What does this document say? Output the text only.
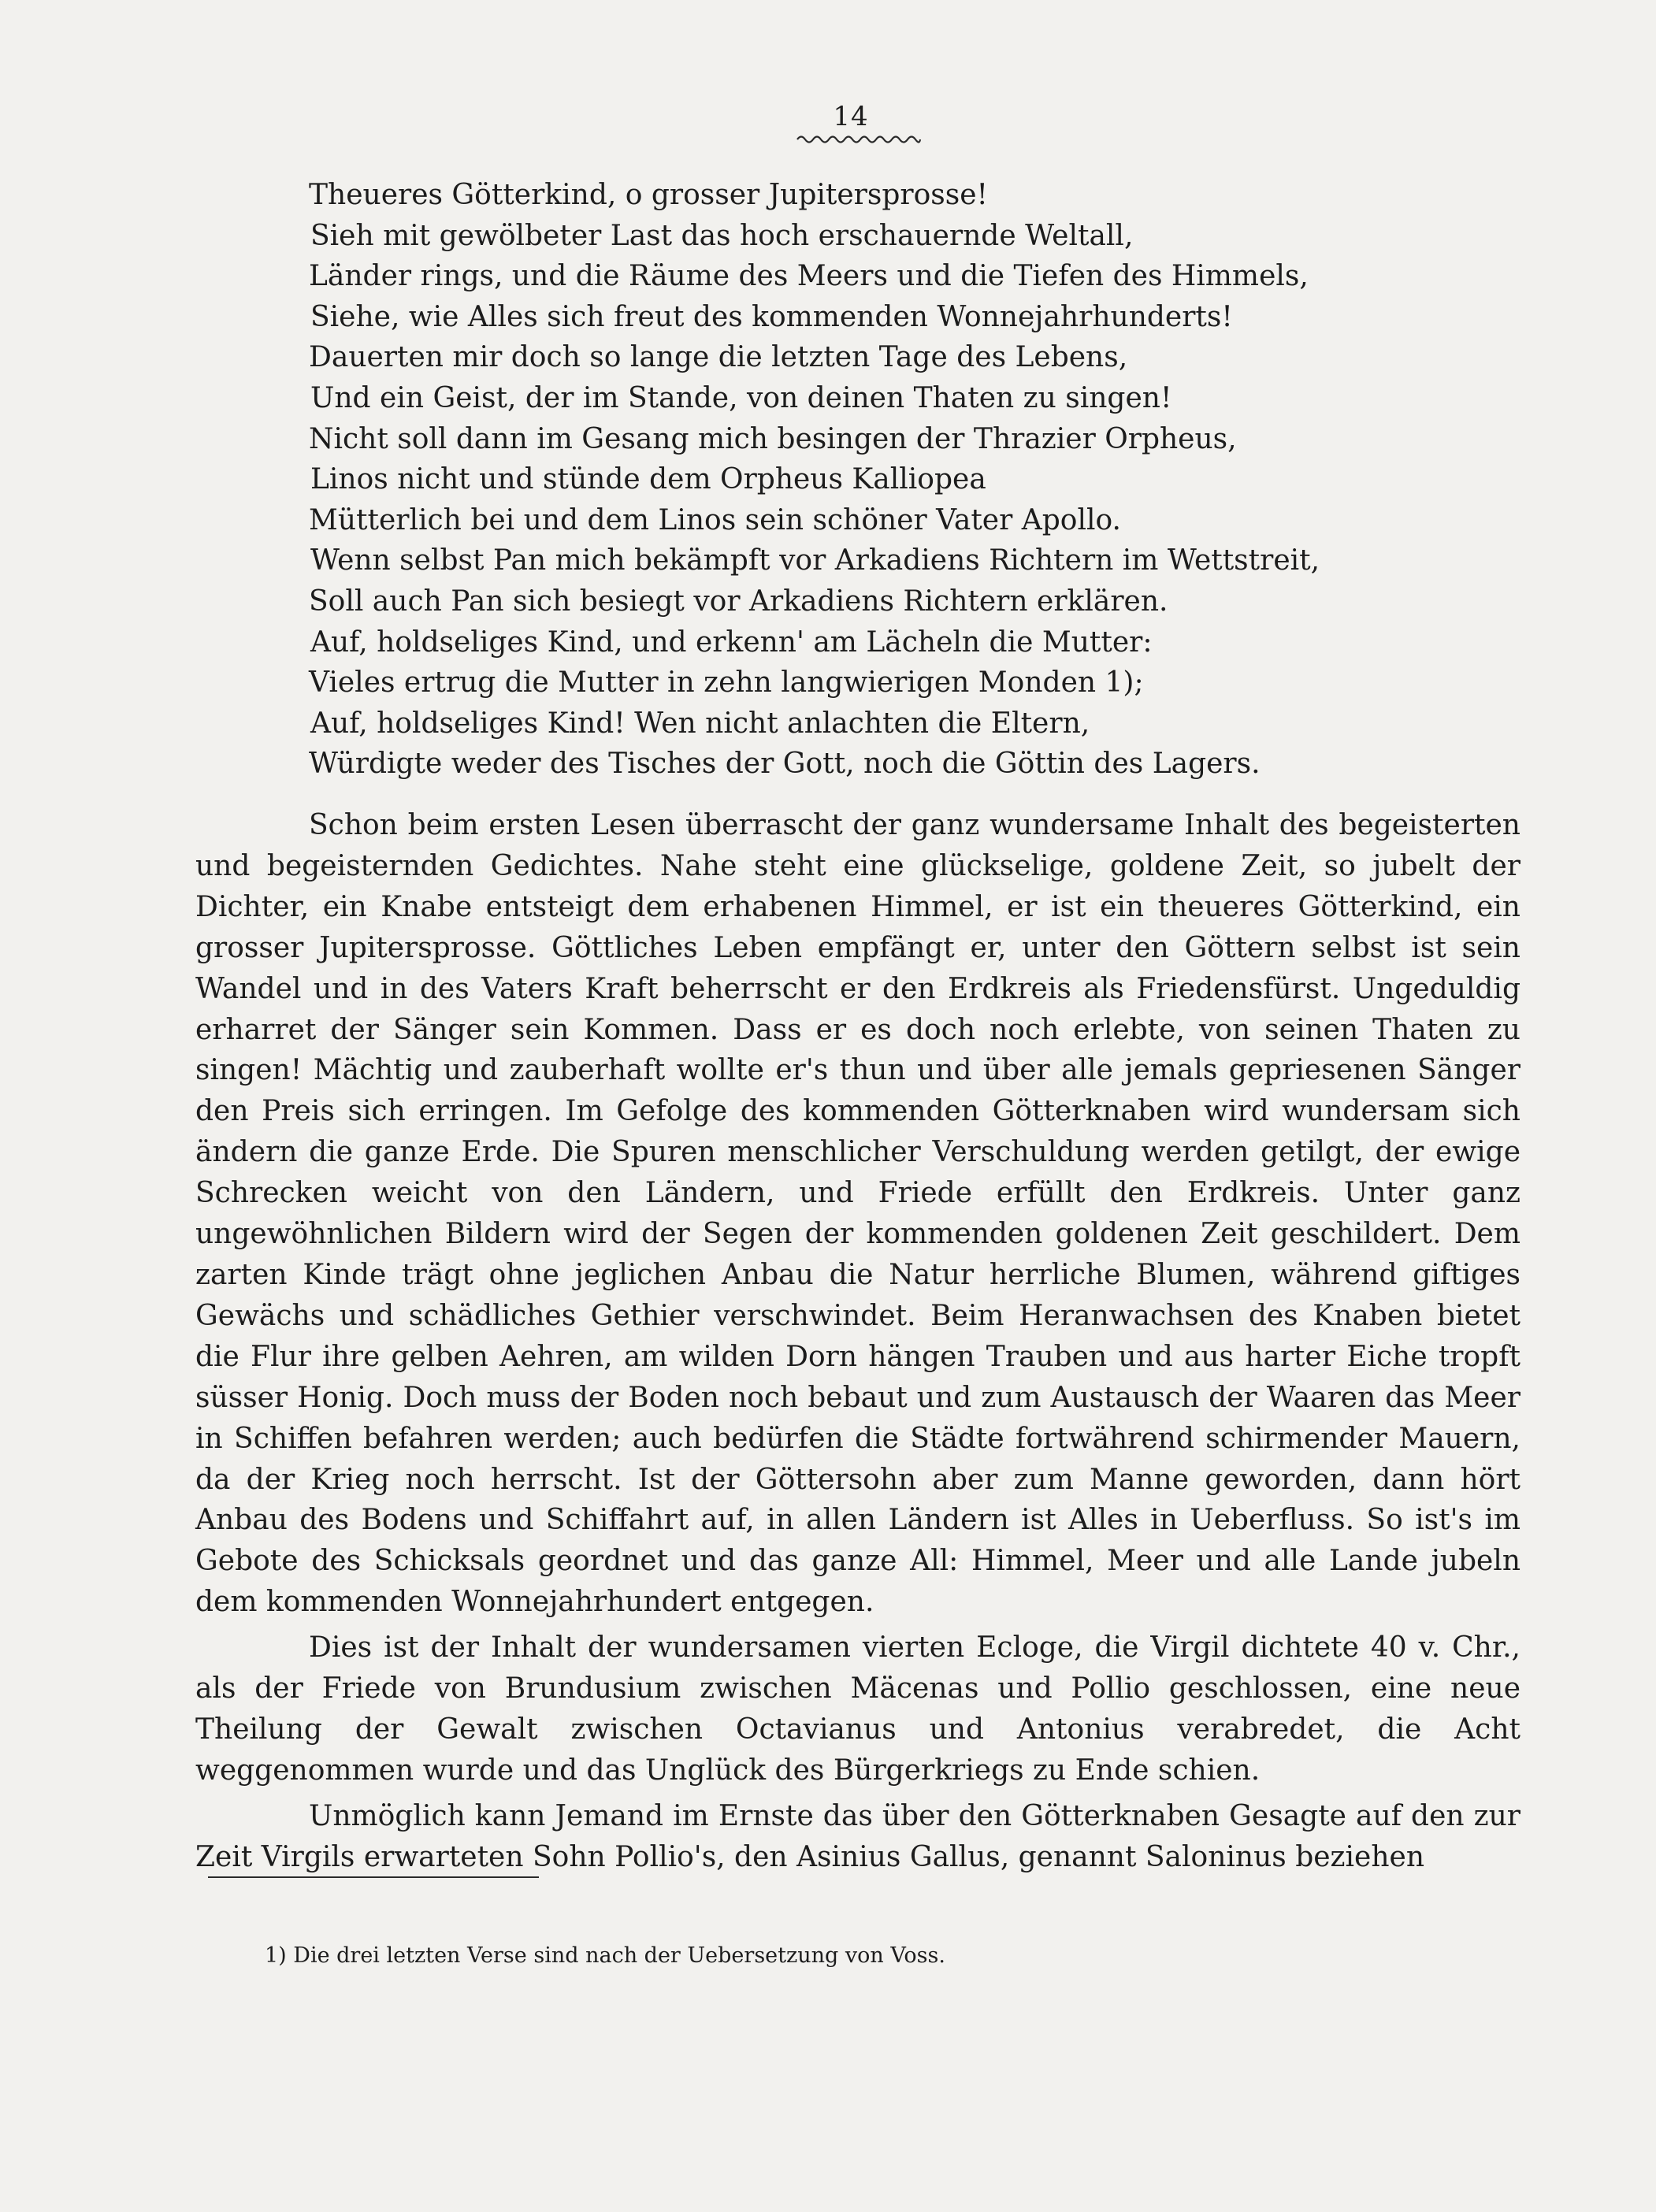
14
Theueres Götterkind, o grosser Jupitersprosse!
Sieh mit gewölbeter Last das hoch erschauernde Weltall,
Länder rings, und die Räume des Meers und die Tiefen des Himmels,
Siehe, wie Alles sich freut des kommenden Wonnejahrhunderts!
Dauerten mir doch so lange die letzten Tage des Lebens,
Und ein Geist, der im Stande, von deinen Thaten zu singen!
Nicht soll dann im Gesang mich besingen der Thrazier Orpheus,
Linos nicht und stünde dem Orpheus Kalliopea
Mütterlich bei und dem Linos sein schöner Vater Apollo.
Wenn selbst Pan mich bekämpft vor Arkadiens Richtern im Wettstreit,
Soll auch Pan sich besiegt vor Arkadiens Richtern erklären.
Auf, holdseliges Kind, und erkenn' am Lächeln die Mutter:
Vieles ertrug die Mutter in zehn langwierigen Monden 1);
Auf, holdseliges Kind! Wen nicht anlachten die Eltern,
Würdigte weder des Tisches der Gott, noch die Göttin des Lagers.

Schon beim ersten Lesen überrascht der ganz wundersame Inhalt des begeisterten und begeisternden Gedichtes. Nahe steht eine glückselige, goldene Zeit, so jubelt der Dichter, ein Knabe entsteigt dem erhabenen Himmel, er ist ein theueres Götterkind, ein grosser Jupitersprosse. Göttliches Leben empfängt er, unter den Göttern selbst ist sein Wandel und in des Vaters Kraft beherrscht er den Erdkreis als Friedensfürst. Ungeduldig erharret der Sänger sein Kommen. Dass er es doch noch erlebte, von seinen Thaten zu singen! Mächtig und zauberhaft wollte er's thun und über alle jemals gepriesenen Sänger den Preis sich erringen. Im Gefolge des kommenden Götterknaben wird wundersam sich ändern die ganze Erde. Die Spuren menschlicher Verschuldung werden getilgt, der ewige Schrecken weicht von den Ländern, und Friede erfüllt den Erdkreis. Unter ganz ungewöhnlichen Bildern wird der Segen der kommenden goldenen Zeit geschildert. Dem zarten Kinde trägt ohne jeglichen Anbau die Natur herrliche Blumen, während giftiges Gewächs und schädliches Gethier verschwindet. Beim Heranwachsen des Knaben bietet die Flur ihre gelben Aehren, am wilden Dorn hängen Trauben und aus harter Eiche tropft süsser Honig. Doch muss der Boden noch bebaut und zum Austausch der Waaren das Meer in Schiffen befahren werden; auch bedürfen die Städte fortwährend schirmender Mauern, da der Krieg noch herrscht. Ist der Göttersohn aber zum Manne geworden, dann hört Anbau des Bodens und Schiffahrt auf, in allen Ländern ist Alles in Ueberfluss. So ist's im Gebote des Schicksals geordnet und das ganze All: Himmel, Meer und alle Lande jubeln dem kommenden Wonnejahrhundert entgegen.

Dies ist der Inhalt der wundersamen vierten Ecloge, die Virgil dichtete 40 v. Chr., als der Friede von Brundusium zwischen Mäcenas und Pollio geschlossen, eine neue Theilung der Gewalt zwischen Octavianus und Antonius verabredet, die Acht weggenommen wurde und das Unglück des Bürgerkriegs zu Ende schien.

Unmöglich kann Jemand im Ernste das über den Götterknaben Gesagte auf den zur Zeit Virgils erwarteten Sohn Pollio's, den Asinius Gallus, genannt Saloninus beziehen

1) Die drei letzten Verse sind nach der Uebersetzung von Voss.
